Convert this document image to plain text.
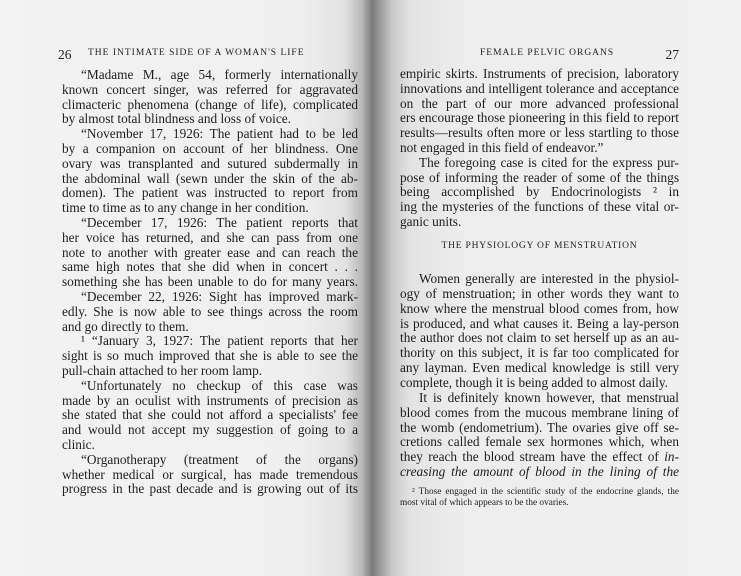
26 THE INTIMATE SIDE OF A WOMAN'S LIFE
“Madame M., age 54, formerly internationally
known concert singer, was referred for aggravated
climacteric phenomena (change of life), complicated
by almost total blindness and loss of voice.
“November 17, 1926: The patient had to be led
by a companion on account of her blindness. One
ovary was transplanted and sutured subdermally in
the abdominal wall (sewn under the skin of the ab-
domen). The patient was instructed to report from
time to time as to any change in her condition.
“December 17, 1926: The patient reports that
her voice has returned, and she can pass from one
note to another with greater ease and can reach the
same high notes that she did when in concert . . .
something she has been unable to do for many years.
“December 22, 1926: Sight has improved mark-
edly. She is now able to see things across the room
and go directly to them.
¹ “January 3, 1927: The patient reports that her
sight is so much improved that she is able to see the
pull-chain attached to her room lamp.
“Unfortunately no checkup of this case was
made by an oculist with instruments of precision as
she stated that she could not afford a specialists' fee
and would not accept my suggestion of going to a
clinic.
“Organotherapy (treatment of the organs)
whether medical or surgical, has made tremendous
progress in the past decade and is growing out of its
FEMALE PELVIC ORGANS	27
empiric skirts. Instruments of precision, laboratory
innovations and intelligent tolerance and acceptance
on the part of our more advanced professional
ers encourage those pioneering in this field to report
results—results often more or less startling to those
not engaged in this field of endeavor.”
The foregoing case is cited for the express pur-
pose of informing the reader of some of the things
being accomplished by Endocrinologists ² in
ing the mysteries of the functions of these vital or-
ganic units.
Women generally are interested in the physiol-
ogy of menstruation; in other words they want to
know where the menstrual blood comes from, how
is produced, and what causes it. Being a lay-person
the author does not claim to set herself up as an au-
thority on this subject, it is far too complicated for
any layman. Even medical knowledge is still very
complete, though it is being added to almost daily.
It is definitely known however, that menstrual
blood comes from the mucous membrane lining of
the womb (endometrium). The ovaries give off se-
cretions called female sex hormones which, when
THE PHYSIOLOGY OF MENSTRUATION
they reach the blood stream have the effect of in-
creasing the amount of blood in the lining of the
² Those engaged in the scientific study of the endocrine glands, the
most vital of which appears to be the ovaries.
